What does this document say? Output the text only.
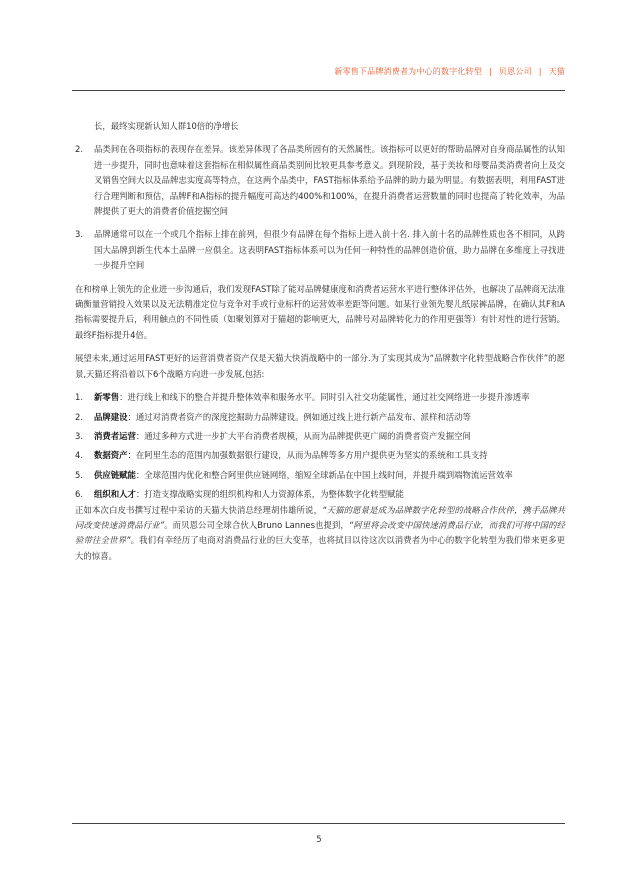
新零售下品牌消费者为中心的数字化转型 | 贝恩公司 | 天猫

长，最终实现新认知人群10倍的净增长

2. 品类间在各项指标的表现存在差异。该差异体现了各品类所固有的天然属性。该指标可以更好的帮助品牌对自身商品属性的认知进一步提升，同时也意味着这套指标在相似属性商品类别间比较更具参考意义。到现阶段，基于美妆和母婴品类消费者向上及交叉销售空间大以及品牌忠实度高等特点，在这两个品类中，FAST指标体系给予品牌的助力最为明显。有数据表明，利用FAST进行合理判断和预估，品牌F和A指标的提升幅度可高达约400%和100%，在提升消费者运营数量的同时也提高了转化效率，为品牌提供了更大的消费者价值挖掘空间
3. 品牌通常可以在一个或几个指标上排在前列，但很少有品牌在每个指标上进入前十名. 排入前十名的品牌性质也各不相同，从跨国大品牌到新生代本土品牌一应俱全。这表明FAST指标体系可以为任何一种特性的品牌创造价值，助力品牌在多维度上寻找进一步提升空间

在和榜单上领先的企业进一步沟通后，我们发现FAST除了能对品牌健康度和消费者运营水平进行整体评估外，也解决了品牌商无法准确衡量营销投入效果以及无法精准定位与竞争对手或行业标杆的运营效率差距等问题。如某行业领先婴儿纸尿裤品牌，在确认其F和A指标需要提升后，利用触点的不同性质（如聚划算对于猫超的影响更大，品牌号对品牌转化力的作用更强等）有针对性的进行营销。最终F指标提升4倍。

展望未来,通过运用FAST更好的运营消费者资产仅是天猫大快消战略中的一部分.为了实现其成为“品牌数字化转型战略合作伙伴”的愿景,天猫还将沿着以下6个战略方向进一步发展,包括:

1. 新零售：进行线上和线下的整合并提升整体效率和服务水平。同时引入社交功能属性，通过社交网络进一步提升渗透率
2. 品牌建设：通过对消费者资产的深度挖掘助力品牌建设。例如通过线上进行新产品发布、派样和活动等
3. 消费者运营：通过多种方式进一步扩大平台消费者规模，从而为品牌提供更广阔的消费者资产发掘空间
4. 数据资产：在阿里生态的范围内加强数据银行建设，从而为品牌等多方用户提供更为坚实的系统和工具支持
5. 供应链赋能：全球范围内优化和整合阿里供应链网络，缩短全球新品在中国上线时间，并提升端到端物流运营效率
6. 组织和人才：打造支撑战略实现的组织机构和人力资源体系，为整体数字化转型赋能

正如本次白皮书撰写过程中采访的天猫大快消总经理胡伟雄所说，“天猫的愿景是成为品牌数字化转型的战略合作伙伴，携手品牌共同改变快速消费品行业”。而贝恩公司全球合伙人Bruno Lannes也提到，“阿里将会改变中国快速消费品行业，而我们可将中国的经验带往全世界”。我们有幸经历了电商对消费品行业的巨大变革，也将拭目以待这次以消费者为中心的数字化转型为我们带来更多更大的惊喜。

5
